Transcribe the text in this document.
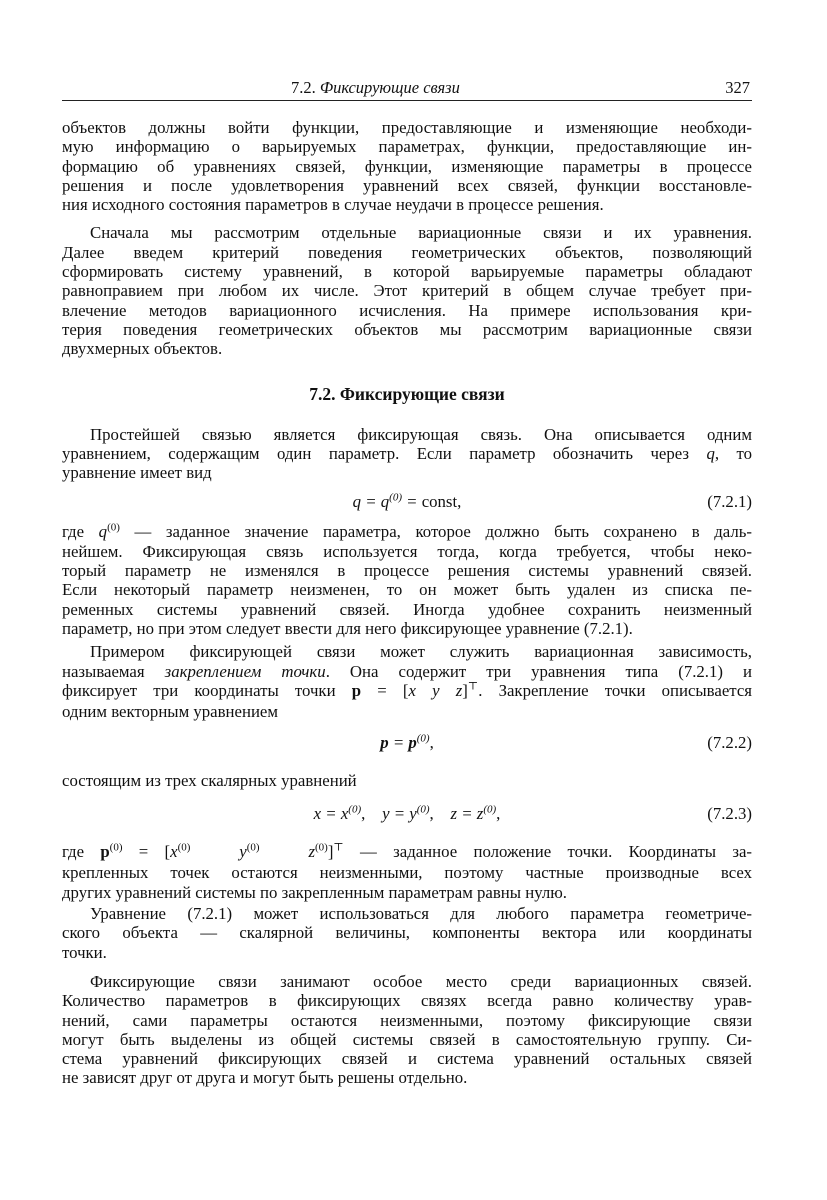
7.2. Фиксирующие связи	327
объектов должны войти функции, предоставляющие и изменяющие необходи-
мую информацию о варьируемых параметрах, функции, предоставляющие ин-
формацию об уравнениях связей, функции, изменяющие параметры в процессе
решения и после удовлетворения уравнений всех связей, функции восстановле-
ния исходного состояния параметров в случае неудачи в процессе решения.
Сначала мы рассмотрим отдельные вариационные связи и их уравнения.
Далее введем критерий поведения геометрических объектов, позволяющий
сформировать систему уравнений, в которой варьируемые параметры обладают
равноправием при любом их числе. Этот критерий в общем случае требует при-
влечение методов вариационного исчисления. На примере использования кри-
терия поведения геометрических объектов мы рассмотрим вариационные связи
двухмерных объектов.
7.2. Фиксирующие связи
Простейшей связью является фиксирующая связь. Она описывается одним
уравнением, содержащим один параметр. Если параметр обозначить через q, то
уравнение имеет вид
$q = q^{(0)}$ = const,	(7.2.1)
где $q^{(0)}$ — заданное значение параметра, которое должно быть сохранено в даль-
нейшем. Фиксирующая связь используется тогда, когда требуется, чтобы неко-
торый параметр не изменялся в процессе решения системы уравнений связей.
Если некоторый параметр неизменен, то он может быть удален из списка пе-
ременных системы уравнений связей. Иногда удобнее сохранить неизменный
параметр, но при этом следует ввести для него фиксирующее уравнение (7.2.1).
Примером фиксирующей связи может служить вариационная зависимость,
называемая закреплением точки. Она содержит три уравнения типа (7.2.1) и
фиксирует три координаты точки p = [x y z]⊤. Закрепление точки описывается
одним векторным уравнением
$p = p^{(0)}$,	(7.2.2)
состоящим из трех скалярных уравнений
$x = x^{(0)}$, $y = y^{(0)}$, $z = z^{(0)}$,	(7.2.3)
где $p^{(0)} = [x^{(0)}$	$y^{(0)}$	$z^{(0)}]^⊤$ — заданное положение точки. Координаты за-
крепленных точек остаются неизменными, поэтому частные производные всех
других уравнений системы по закрепленным параметрам равны нулю.
Уравнение (7.2.1) может использоваться для любого параметра геометриче-
ского объекта — скалярной величины, компоненты вектора или координаты
точки.
Фиксирующие связи занимают особое место среди вариационных связей.
Количество параметров в фиксирующих связях всегда равно количеству урав-
нений, сами параметры остаются неизменными, поэтому фиксирующие связи
могут быть выделены из общей системы связей в самостоятельную группу. Си-
стема уравнений фиксирующих связей и система уравнений остальных связей
не зависят друг от друга и могут быть решены отдельно.
